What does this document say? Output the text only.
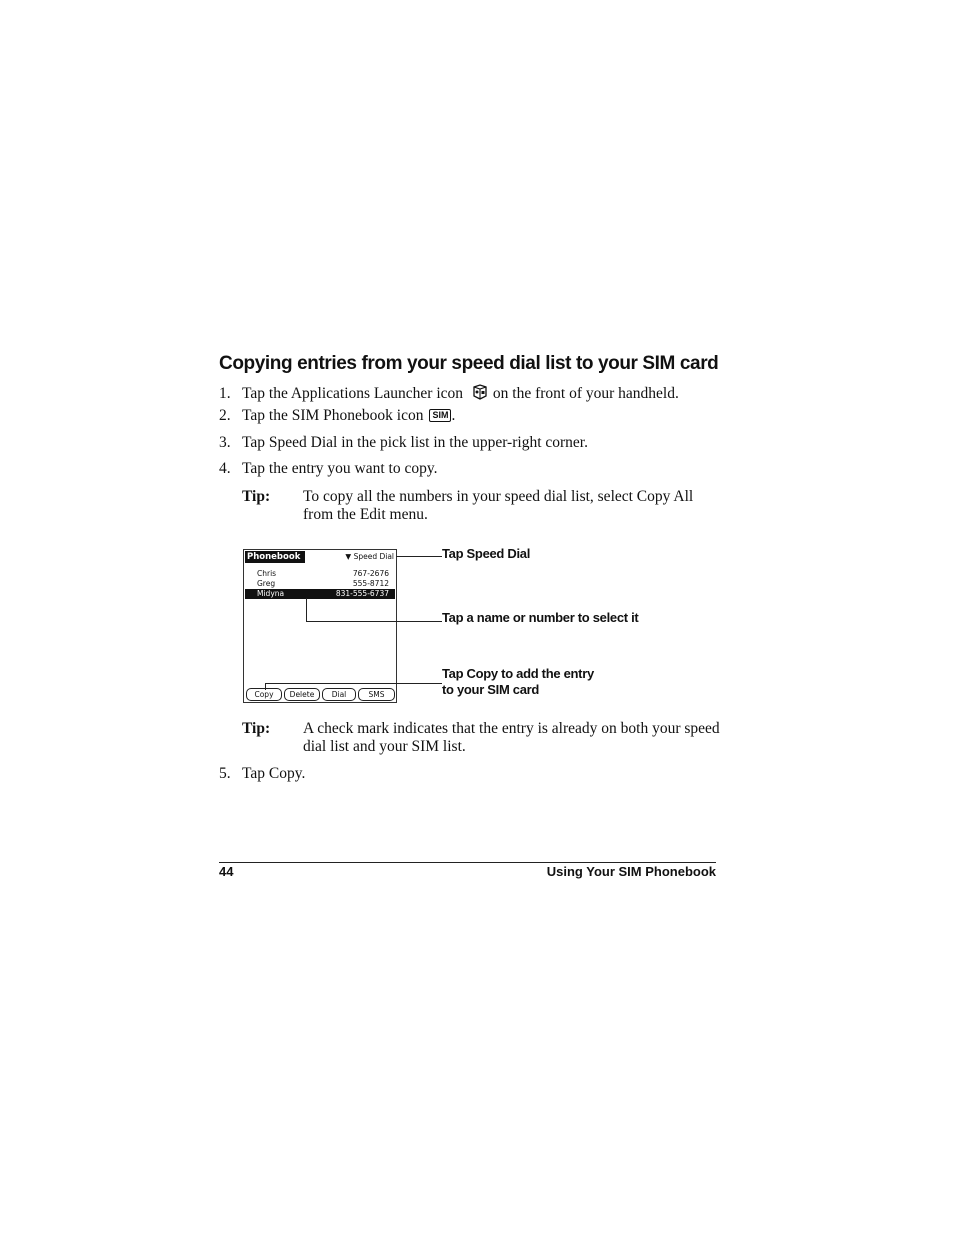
Copying entries from your speed dial list to your SIM card
1. Tap the Applications Launcher icon on the front of your handheld.
2. Tap the SIM Phonebook icon SIM .
3. Tap Speed Dial in the pick list in the upper-right corner.
4. Tap the entry you want to copy.
Tip: To copy all the numbers in your speed dial list, select Copy All from the Edit menu.
Phonebook	▼ Speed Dial
Chris	767-2676
Greg	555-8712
Midyna	831-555-6737
Copy	Delete	Dial	SMS
Tap Speed Dial
Tap a name or number to select it
Tap Copy to add the entry
to your SIM card
Tip: A check mark indicates that the entry is already on both your speed dial list and your SIM list.
5. Tap Copy.
44	Using Your SIM Phonebook
